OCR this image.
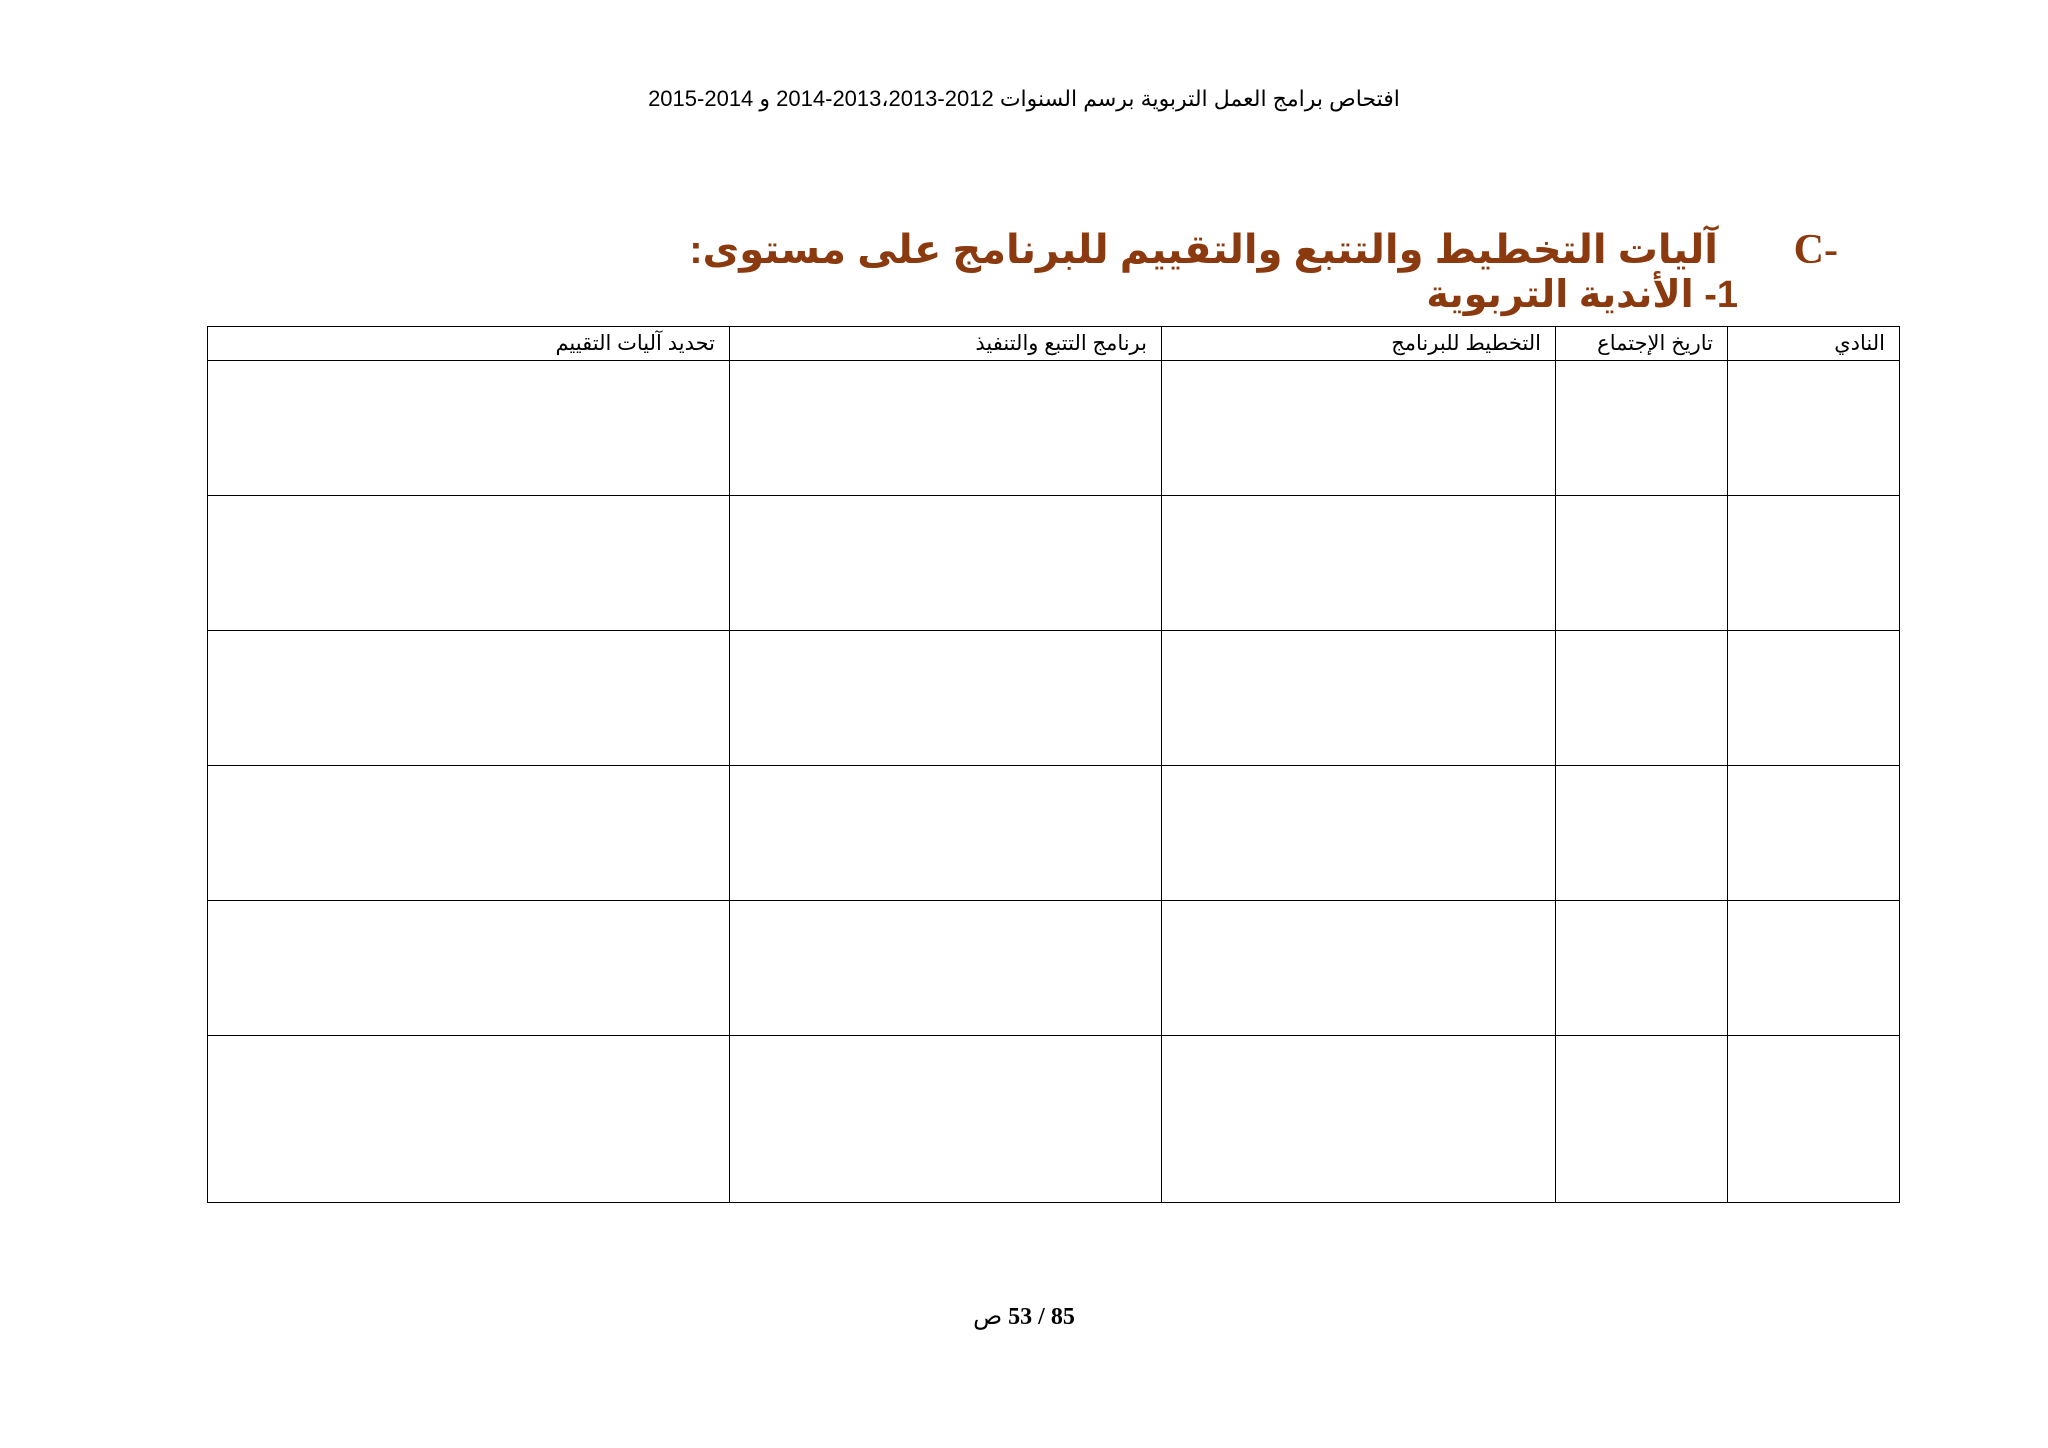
افتحاص برامج العمل التربوية برسم السنوات 2012-2013،2013-2014 و 2014-2015
C-
آليات التخطيط والتتبع والتقييم للبرنامج على مستوى:
1- الأندية التربوية
النادي	تاريخ الإجتماع	التخطيط للبرنامج	برنامج التتبع والتنفيذ	تحديد آليات التقييم

85 / 53 ص
